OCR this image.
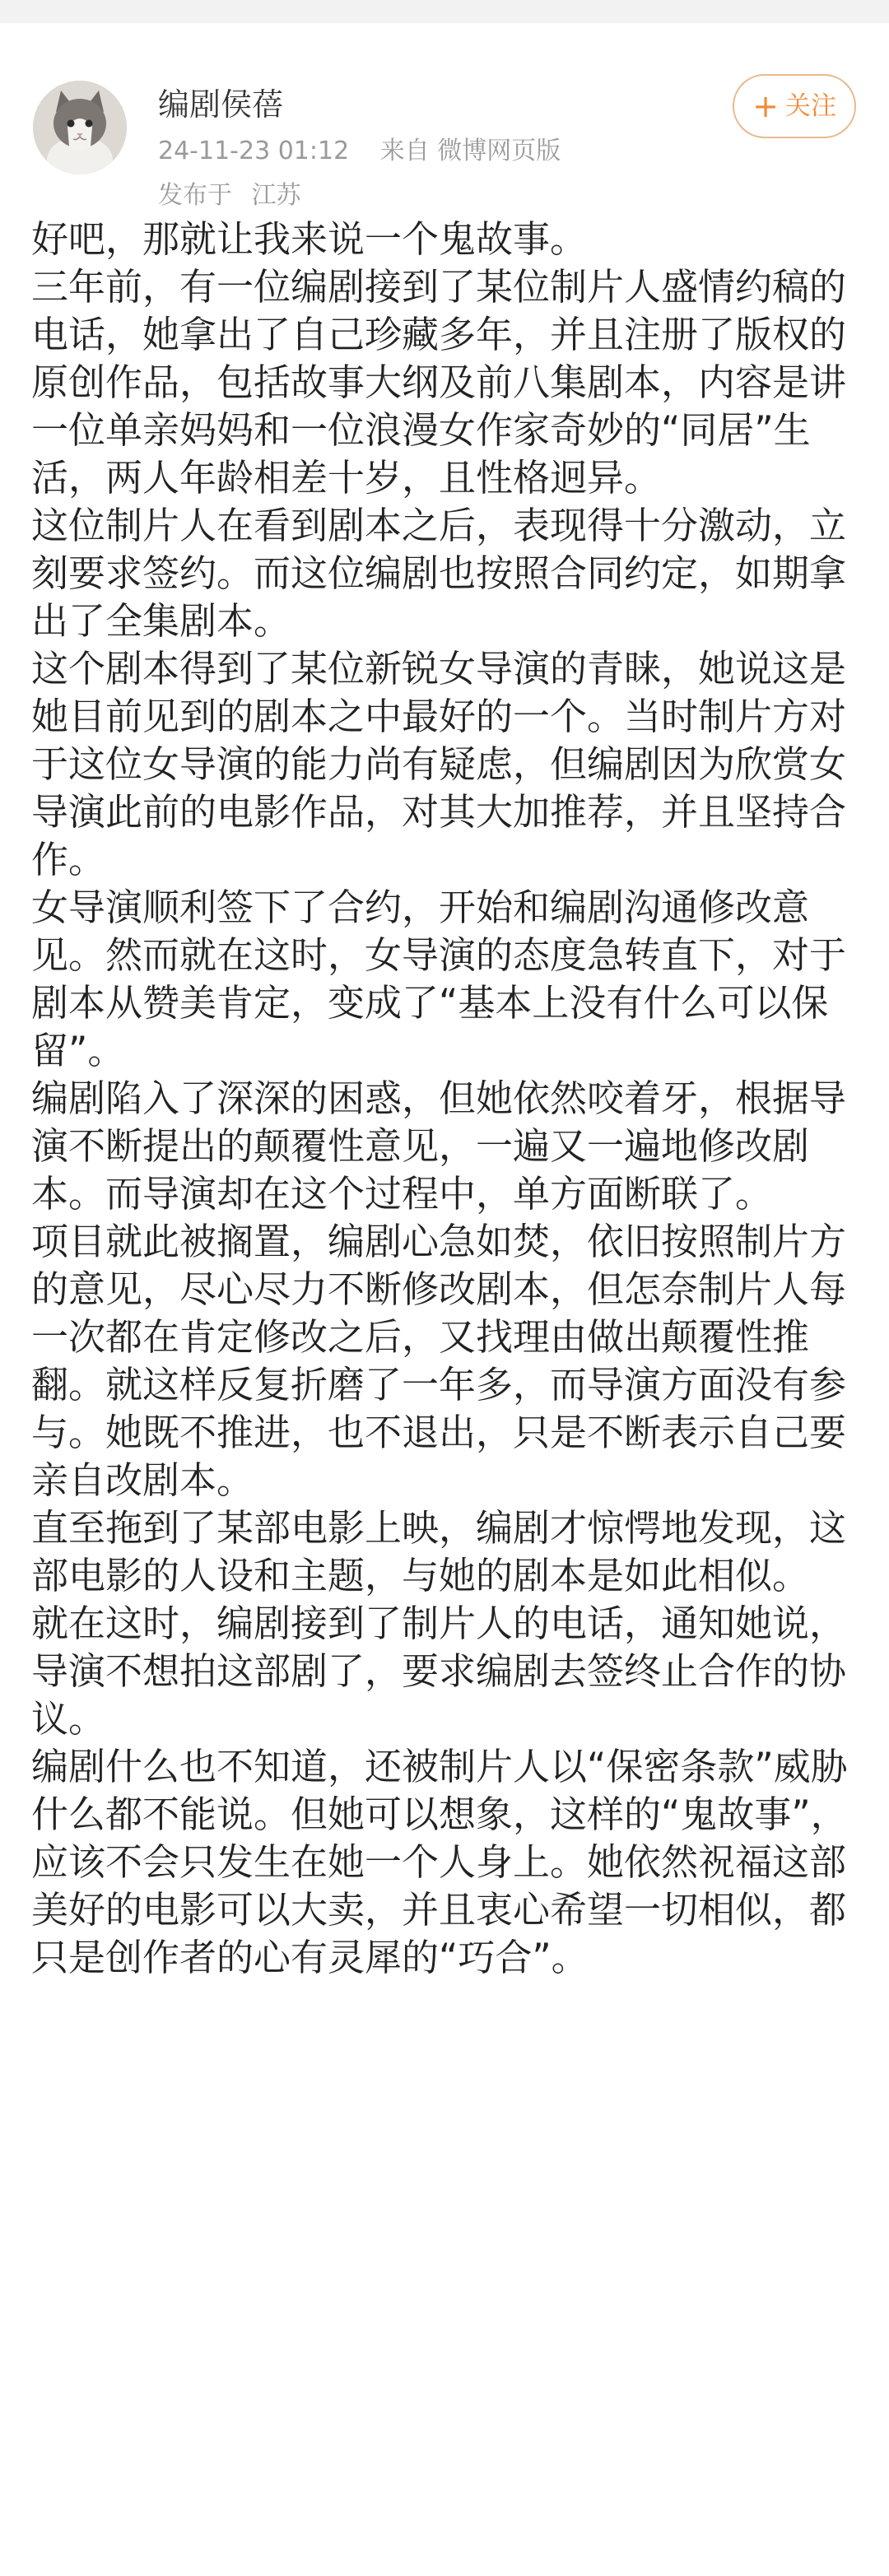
编剧侯蓓
24-11-23 01:12 来自 微博网页版
发布于 江苏
+ 关注

好吧，那就让我来说一个鬼故事。

三年前，有一位编剧接到了某位制片人盛情约稿的电话，她拿出了自己珍藏多年，并且注册了版权的原创作品，包括故事大纲及前八集剧本，内容是讲一位单亲妈妈和一位浪漫女作家奇妙的“同居”生活，两人年龄相差十岁，且性格迥异。

这位制片人在看到剧本之后，表现得十分激动，立刻要求签约。而这位编剧也按照合同约定，如期拿出了全集剧本。

这个剧本得到了某位新锐女导演的青睐，她说这是她目前见到的剧本之中最好的一个。当时制片方对于这位女导演的能力尚有疑虑，但编剧因为欣赏女导演此前的电影作品，对其大加推荐，并且坚持合作。

女导演顺利签下了合约，开始和编剧沟通修改意见。然而就在这时，女导演的态度急转直下，对于剧本从赞美肯定，变成了“基本上没有什么可以保留”。

编剧陷入了深深的困惑，但她依然咬着牙，根据导演不断提出的颠覆性意见，一遍又一遍地修改剧本。而导演却在这个过程中，单方面断联了。

项目就此被搁置，编剧心急如焚，依旧按照制片方的意见，尽心尽力不断修改剧本，但怎奈制片人每一次都在肯定修改之后，又找理由做出颠覆性推翻。就这样反复折磨了一年多，而导演方面没有参与。她既不推进，也不退出，只是不断表示自己要亲自改剧本。

直至拖到了某部电影上映，编剧才惊愕地发现，这部电影的人设和主题，与她的剧本是如此相似。

就在这时，编剧接到了制片人的电话，通知她说，导演不想拍这部剧了，要求编剧去签终止合作的协议。

编剧什么也不知道，还被制片人以“保密条款”威胁什么都不能说。但她可以想象，这样的“鬼故事”，应该不会只发生在她一个人身上。她依然祝福这部美好的电影可以大卖，并且衷心希望一切相似，都只是创作者的心有灵犀的“巧合”。
